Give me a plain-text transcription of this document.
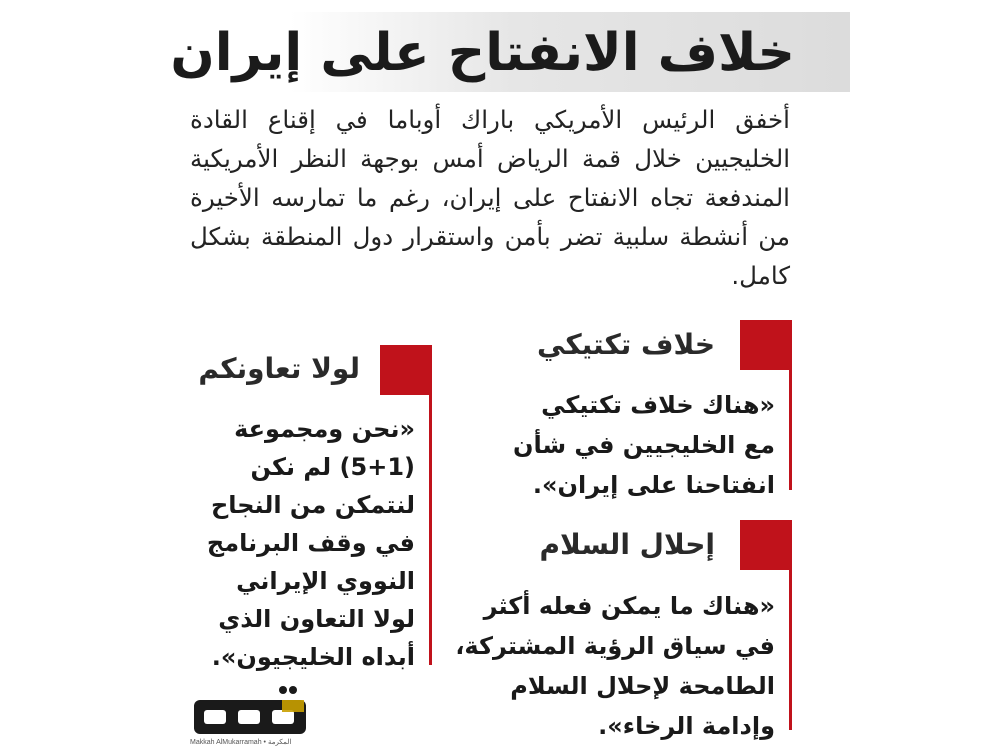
خلاف الانفتاح على إيران
أخفق الرئيس الأمريكي باراك أوباما في إقناع القادة الخليجيين خلال قمة الرياض أمس بوجهة النظر الأمريكية المندفعة تجاه الانفتاح على إيران، رغم ما تمارسه الأخيرة من أنشطة سلبية تضر بأمن واستقرار دول المنطقة بشكل كامل.
خلاف تكتيكي
«هناك خلاف تكتيكي
مع الخليجيين في شأن
انفتاحنا على إيران».
إحلال السلام
«هناك ما يمكن فعله أكثر
في سياق الرؤية المشتركة،
الطامحة لإحلال السلام
وإدامة الرخاء».
لولا تعاونكم
«نحن ومجموعة
(5+1) لم نكن
لنتمكن من النجاح
في وقف البرنامج
النووي الإيراني
لولا التعاون الذي
أبداه الخليجيون».
Makkah AlMukarramah • المكرمة
